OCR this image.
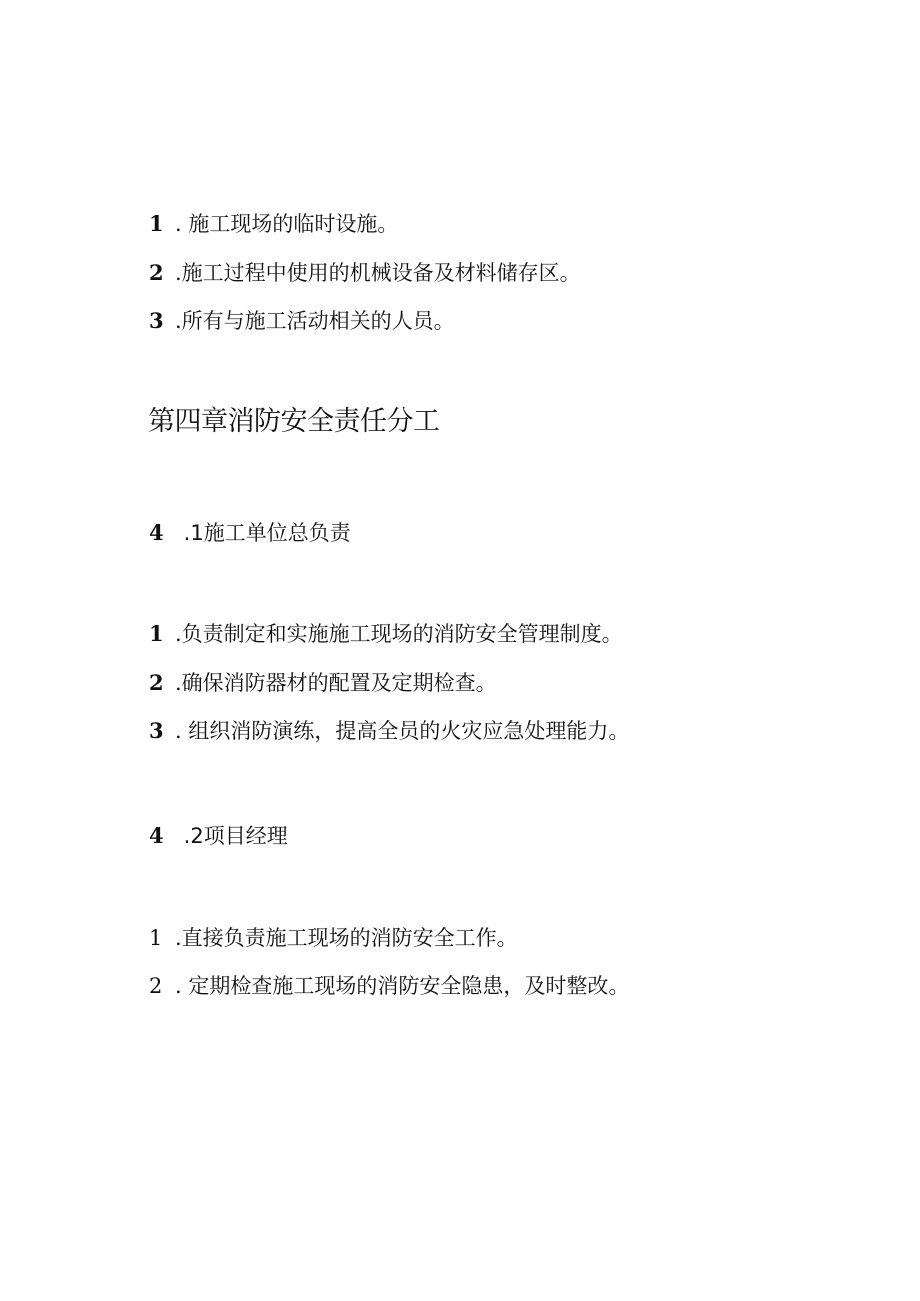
1 . 施工现场的临时设施。
2 .施工过程中使用的机械设备及材料储存区。
3 .所有与施工活动相关的人员。
第四章消防安全责任分工
4 .1施工单位总负责
1 .负责制定和实施施工现场的消防安全管理制度。
2 .确保消防器材的配置及定期检查。
3 . 组织消防演练，提高全员的火灾应急处理能力。
4 .2项目经理
1 .直接负责施工现场的消防安全工作。
2 . 定期检查施工现场的消防安全隐患，及时整改。
